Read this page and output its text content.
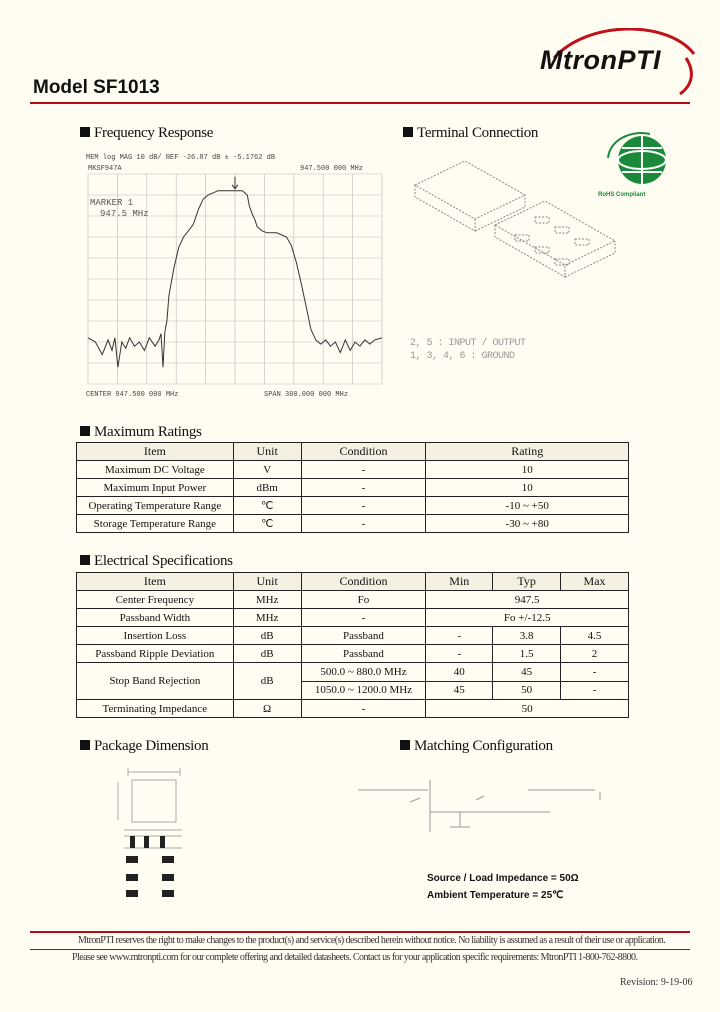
MtronPTI
Model SF1013
Frequency Response
MEM log MAG 10 dB/ REF -26.87 dB ± -5.1762 dB
MKSF947A	947.500 000 MHz
MARKER 1
947.5 MHz
CENTER 947.500 000 MHz	SPAN 300.000 000 MHz
Terminal Connection
RoHS Compliant
2, 5 : INPUT / OUTPUT
1, 3, 4, 6 : GROUND
Maximum Ratings
Item	Unit	Condition	Rating
Maximum DC Voltage	V	-	10
Maximum Input Power	dBm	-	10
Operating Temperature Range	℃	-	-10 ~ +50
Storage Temperature Range	℃	-	-30 ~ +80
Electrical Specifications
Item	Unit	Condition	Min	Typ	Max
Center Frequency	MHz	Fo	947.5		
Passband Width	MHz	-	Fo +/-12.5		
Insertion Loss	dB	Passband	-	3.8	4.5
Passband Ripple Deviation	dB	Passband	-	1.5	2
Stop Band Rejection	dB	500.0 ~ 880.0 MHz	40	45	-
		1050.0 ~ 1200.0 MHz	45	50	-
Terminating Impedance	Ω	-	50		
Package Dimension	Matching Configuration
Source / Load Impedance = 50Ω
Ambient Temperature = 25℃
MtronPTI reserves the right to make changes to the product(s) and service(s) described herein without notice. No liability is assumed as a result of their use or application.
Please see www.mtronpti.com for our complete offering and detailed datasheets. Contact us for your application specific requirements: MtronPTI 1-800-762-8800.
Revision: 9-19-06
